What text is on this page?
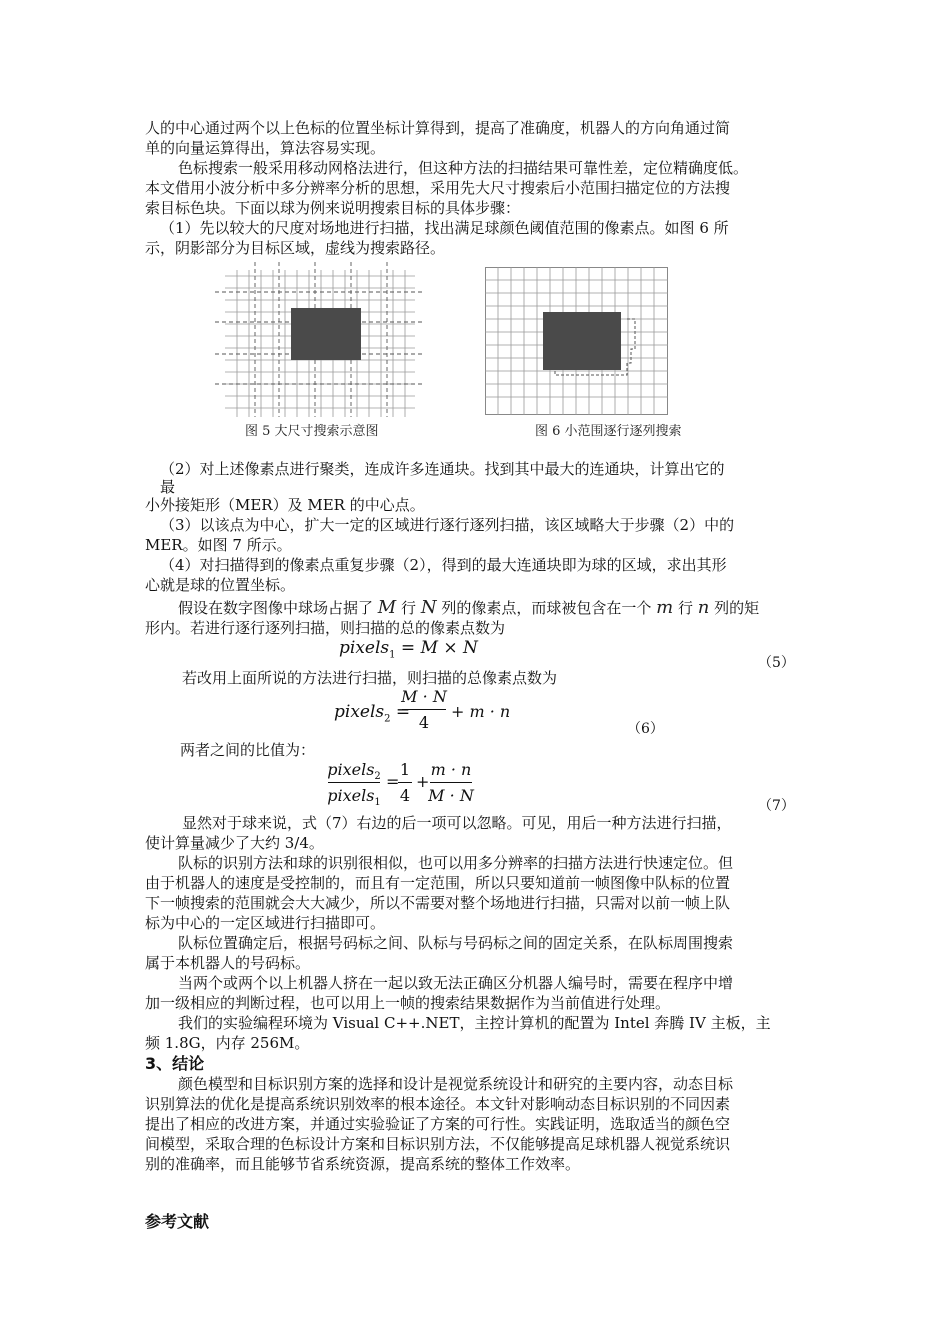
人的中心通过两个以上色标的位置坐标计算得到，提高了准确度，机器人的方向角通过简
单的向量运算得出，算法容易实现。
色标搜索一般采用移动网格法进行，但这种方法的扫描结果可靠性差，定位精确度低。
本文借用小波分析中多分辨率分析的思想，采用先大尺寸搜索后小范围扫描定位的方法搜
索目标色块。下面以球为例来说明搜索目标的具体步骤：
（1）先以较大的尺度对场地进行扫描，找出满足球颜色阈值范围的像素点。如图 6 所
示，阴影部分为目标区域，虚线为搜索路径。
图 5 大尺寸搜索示意图	图 6 小范围逐行逐列搜索
（2）对上述像素点进行聚类，连成许多连通块。找到其中最大的连通块，计算出它的
最
小外接矩形（MER）及 MER 的中心点。
（3）以该点为中心，扩大一定的区域进行逐行逐列扫描，该区域略大于步骤（2）中的
MER。如图 7 所示。
（4）对扫描得到的像素点重复步骤（2），得到的最大连通块即为球的区域，求出其形
心就是球的位置坐标。
假设在数字图像中球场占据了 M 行 N 列的像素点，而球被包含在一个 m 行 n 列的矩
形内。若进行逐行逐列扫描，则扫描的总的像素点数为
pixels$_1$ = M × N
（5）
若改用上面所说的方法进行扫描，则扫描的总像素点数为
pixels$_2$ =
M · N
4
+ m · n
（6）
两者之间的比值为：
pixels$_2$
pixels$_1$
=
1
4
+
m · n
M · N
（7）
显然对于球来说，式（7）右边的后一项可以忽略。可见，用后一种方法进行扫描，
使计算量减少了大约 3/4。
队标的识别方法和球的识别很相似，也可以用多分辨率的扫描方法进行快速定位。但
由于机器人的速度是受控制的，而且有一定范围，所以只要知道前一帧图像中队标的位置
下一帧搜索的范围就会大大减少，所以不需要对整个场地进行扫描，只需对以前一帧上队
标为中心的一定区域进行扫描即可。
队标位置确定后，根据号码标之间、队标与号码标之间的固定关系，在队标周围搜索
属于本机器人的号码标。
当两个或两个以上机器人挤在一起以致无法正确区分机器人编号时，需要在程序中增
加一级相应的判断过程，也可以用上一帧的搜索结果数据作为当前值进行处理。
我们的实验编程环境为 Visual C++.NET，主控计算机的配置为 Intel 奔腾 IV 主板，主
频 1.8G，内存 256M。
3、结论
颜色模型和目标识别方案的选择和设计是视觉系统设计和研究的主要内容，动态目标
识别算法的优化是提高系统识别效率的根本途径。本文针对影响动态目标识别的不同因素
提出了相应的改进方案，并通过实验验证了方案的可行性。实践证明，选取适当的颜色空
间模型，采取合理的色标设计方案和目标识别方法，不仅能够提高足球机器人视觉系统识
别的准确率，而且能够节省系统资源，提高系统的整体工作效率。
参考文献
